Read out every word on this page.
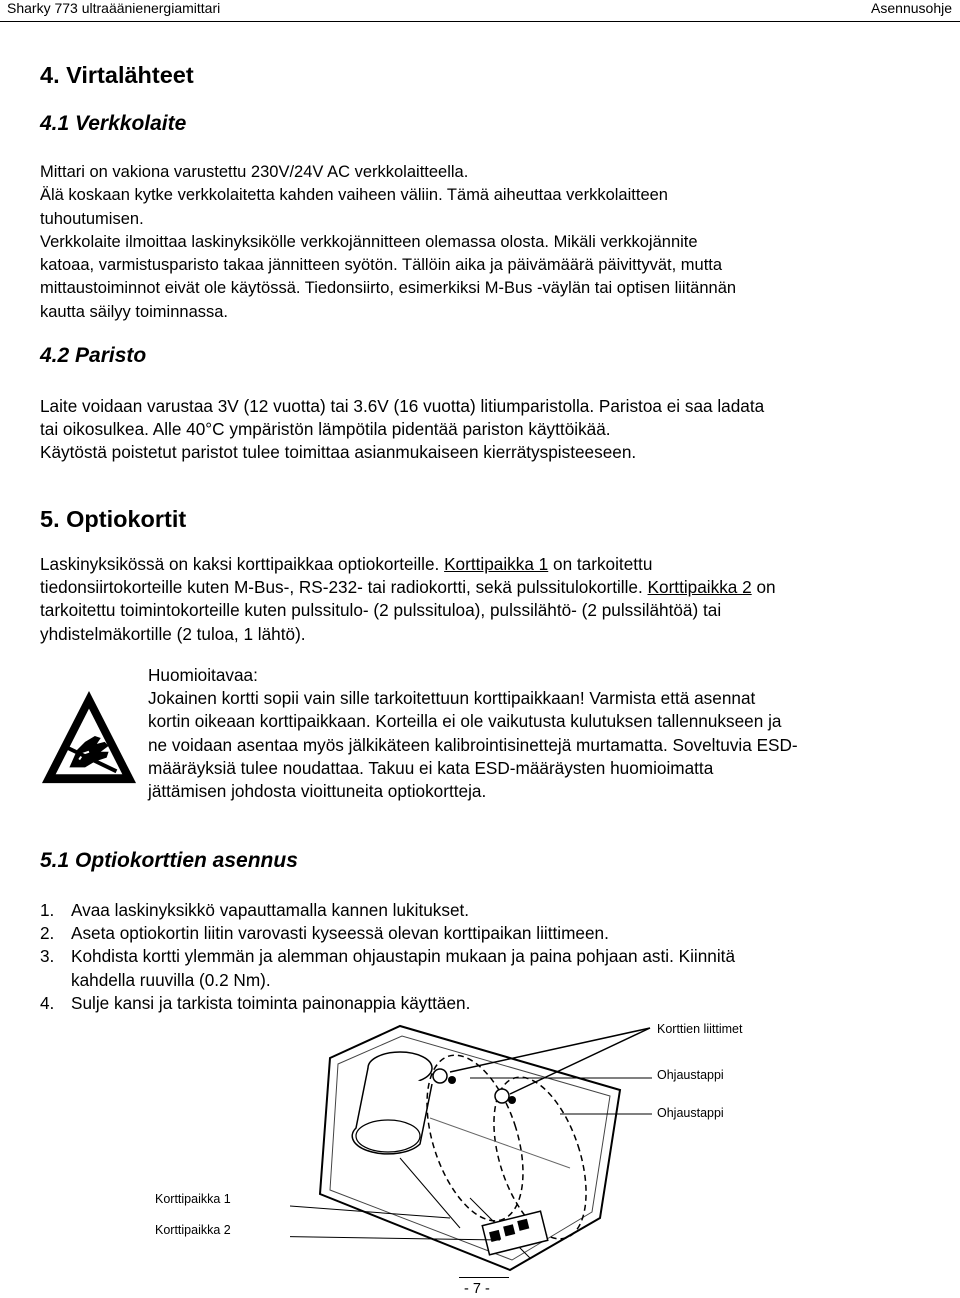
Sharky 773 ultraäänienergiamittari	Asennusohje
4. Virtalähteet
4.1 Verkkolaite
Mittari on vakiona varustettu 230V/24V AC verkkolaitteella.
Älä koskaan kytke verkkolaitetta kahden vaiheen väliin. Tämä aiheuttaa verkkolaitteen
tuhoutumisen.
Verkkolaite ilmoittaa laskinyksikölle verkkojännitteen olemassa olosta. Mikäli verkkojännite
katoaa, varmistusparisto takaa jännitteen syötön. Tällöin aika ja päivämäärä päivittyvät, mutta
mittaustoiminnot eivät ole käytössä. Tiedonsiirto, esimerkiksi M-Bus -väylän tai optisen liitännän
kautta säilyy toiminnassa.
4.2 Paristo
Laite voidaan varustaa 3V (12 vuotta) tai 3.6V (16 vuotta) litiumparistolla. Paristoa ei saa ladata
tai oikosulkea. Alle 40°C ympäristön lämpötila pidentää pariston käyttöikää.
Käytöstä poistetut paristot tulee toimittaa asianmukaiseen kierrätyspisteeseen.
5. Optiokortit
Laskinyksikössä on kaksi korttipaikkaa optiokorteille. Korttipaikka 1 on tarkoitettu
tiedonsiirtokorteille kuten M-Bus-, RS-232- tai radiokortti, sekä pulssitulokortille. Korttipaikka 2 on
tarkoitettu toimintokorteille kuten pulssitulo- (2 pulssituloa), pulssilähtö- (2 pulssilähtöä) tai
yhdistelmäkortille (2 tuloa, 1 lähtö).
Huomioitavaa:
Jokainen kortti sopii vain sille tarkoitettuun korttipaikkaan! Varmista että asennat
kortin oikeaan korttipaikkaan. Korteilla ei ole vaikutusta kulutuksen tallennukseen ja
ne voidaan asentaa myös jälkikäteen kalibrointisinettejä murtamatta. Soveltuvia ESD-
määräyksiä tulee noudattaa. Takuu ei kata ESD-määräysten huomioimatta
jättämisen johdosta vioittuneita optiokortteja.
5.1 Optiokorttien asennus
1. Avaa laskinyksikkö vapauttamalla kannen lukitukset.
2. Aseta optiokortin liitin varovasti kyseessä olevan korttipaikan liittimeen.
3. Kohdista kortti ylemmän ja alemman ohjaustapin mukaan ja paina pohjaan asti. Kiinnitä
kahdella ruuvilla (0.2 Nm).
4. Sulje kansi ja tarkista toiminta painonappia käyttäen.
Korttien liittimet
Ohjaustappi
Ohjaustappi
Korttipaikka 1
Korttipaikka 2
- 7 -
